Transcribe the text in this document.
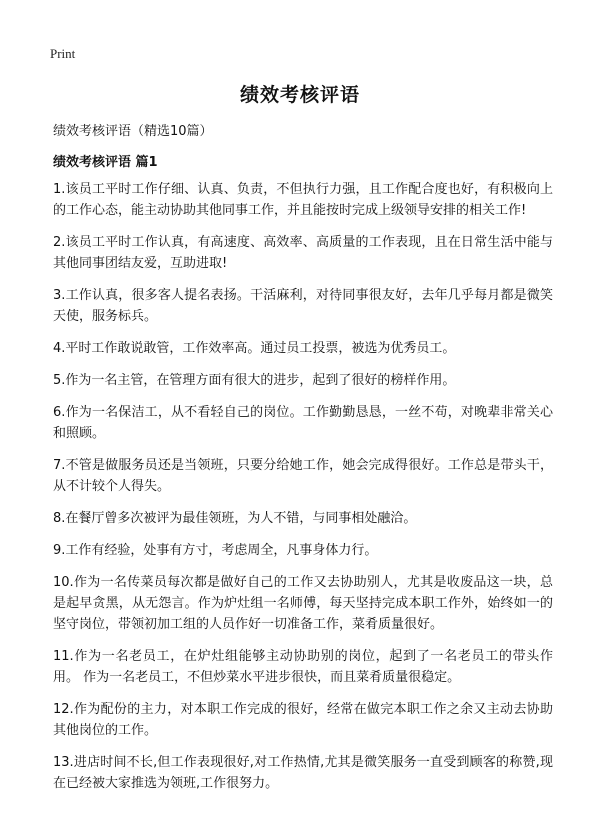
Print
绩效考核评语
绩效考核评语（精选10篇）
绩效考核评语 篇1

1.该员工平时工作仔细、认真、负责，不但执行力强，且工作配合度也好，有积极向上的工作心态，能主动协助其他同事工作，并且能按时完成上级领导安排的相关工作!

2.该员工平时工作认真，有高速度、高效率、高质量的工作表现，且在日常生活中能与其他同事团结友爱，互助进取!

3.工作认真，很多客人提名表扬。干活麻利，对待同事很友好，去年几乎每月都是微笑天使，服务标兵。

4.平时工作敢说敢管，工作效率高。通过员工投票，被选为优秀员工。

5.作为一名主管，在管理方面有很大的进步，起到了很好的榜样作用。

6.作为一名保洁工，从不看轻自己的岗位。工作勤勤恳恳，一丝不苟，对晚辈非常关心和照顾。

7.不管是做服务员还是当领班，只要分给她工作，她会完成得很好。工作总是带头干，从不计较个人得失。

8.在餐厅曾多次被评为最佳领班，为人不错，与同事相处融洽。

9.工作有经验，处事有方寸，考虑周全，凡事身体力行。

10.作为一名传菜员每次都是做好自己的工作又去协助别人，尤其是收废品这一块，总是起早贪黑，从无怨言。作为炉灶组一名师傅，每天坚持完成本职工作外，始终如一的坚守岗位，带领初加工组的人员作好一切准备工作，菜肴质量很好。

11.作为一名老员工，在炉灶组能够主动协助别的岗位，起到了一名老员工的带头作用。 作为一名老员工，不但炒菜水平进步很快，而且菜肴质量很稳定。

12.作为配份的主力，对本职工作完成的很好，经常在做完本职工作之余又主动去协助其他岗位的工作。

13.进店时间不长,但工作表现很好,对工作热情,尤其是微笑服务一直受到顾客的称赞,现在已经被大家推选为领班,工作很努力。
